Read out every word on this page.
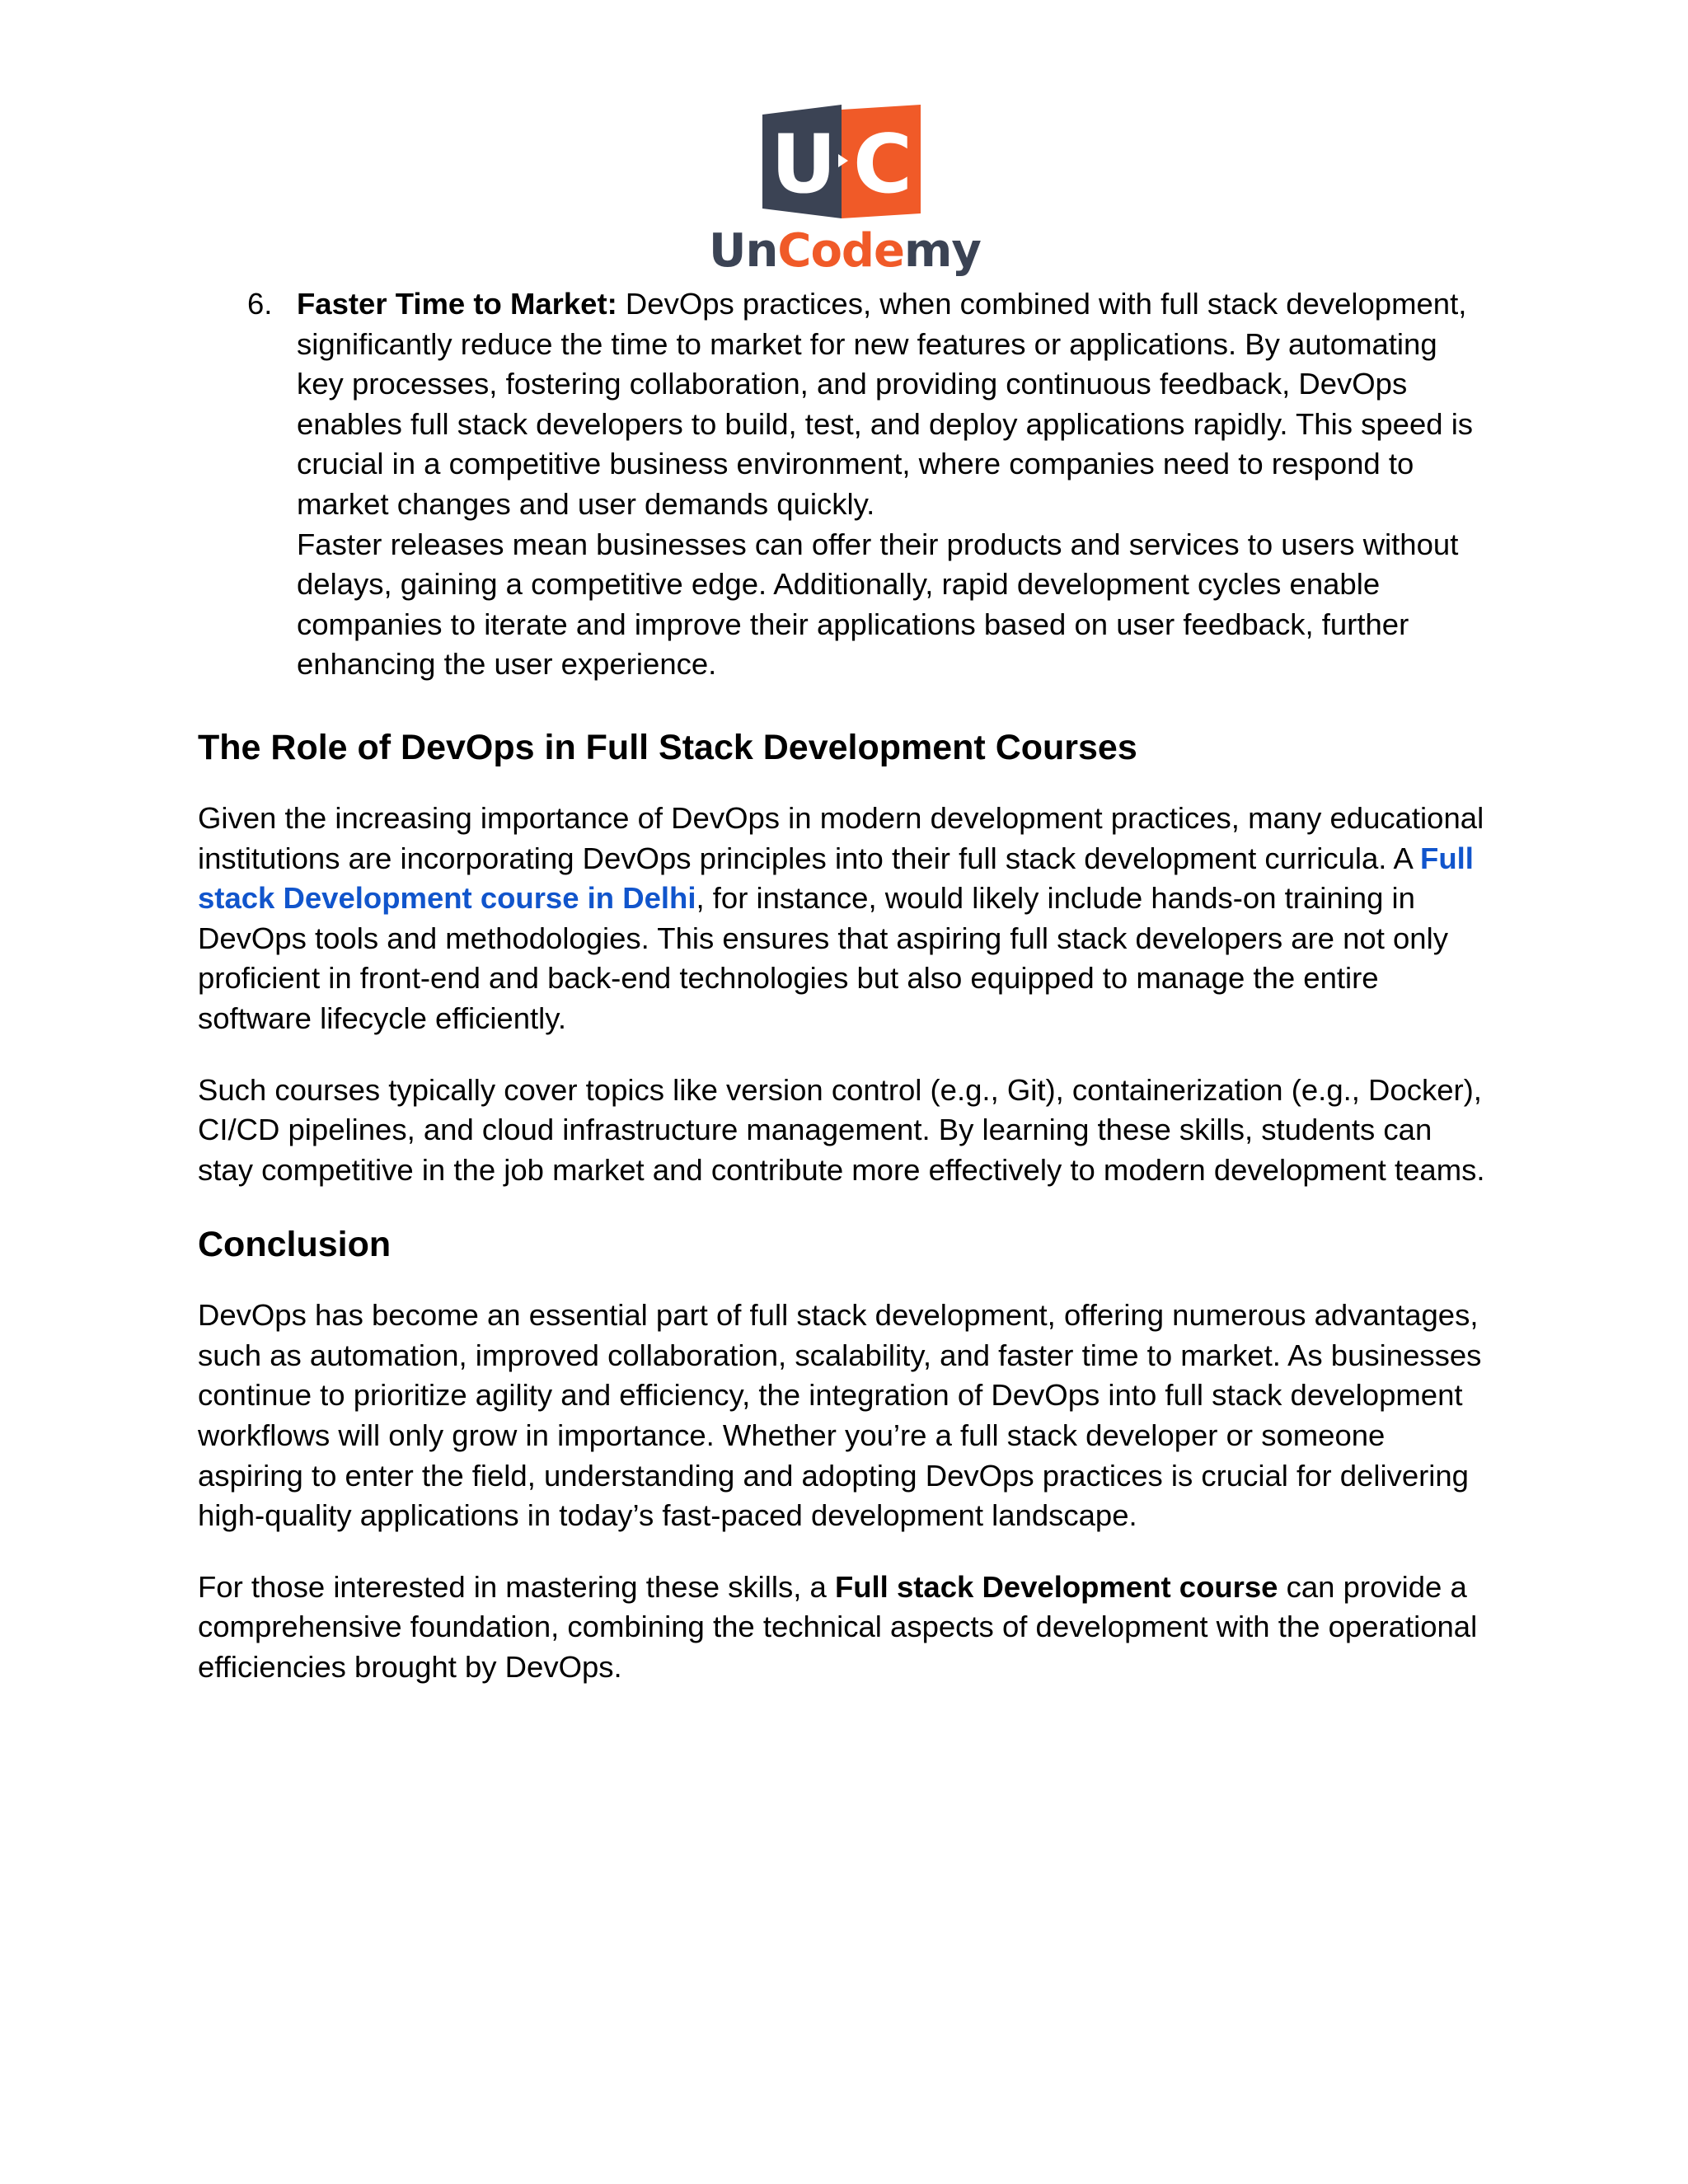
U C
UnCodemy
6. Faster Time to Market: DevOps practices, when combined with full stack development, significantly reduce the time to market for new features or applications. By automating key processes, fostering collaboration, and providing continuous feedback, DevOps enables full stack developers to build, test, and deploy applications rapidly. This speed is crucial in a competitive business environment, where companies need to respond to market changes and user demands quickly.

Faster releases mean businesses can offer their products and services to users without delays, gaining a competitive edge. Additionally, rapid development cycles enable companies to iterate and improve their applications based on user feedback, further enhancing the user experience.

The Role of DevOps in Full Stack Development Courses

Given the increasing importance of DevOps in modern development practices, many educational institutions are incorporating DevOps principles into their full stack development curricula. A Full stack Development course in Delhi, for instance, would likely include hands-on training in DevOps tools and methodologies. This ensures that aspiring full stack developers are not only proficient in front-end and back-end technologies but also equipped to manage the entire software lifecycle efficiently.

Such courses typically cover topics like version control (e.g., Git), containerization (e.g., Docker), CI/CD pipelines, and cloud infrastructure management. By learning these skills, students can stay competitive in the job market and contribute more effectively to modern development teams.

Conclusion

DevOps has become an essential part of full stack development, offering numerous advantages, such as automation, improved collaboration, scalability, and faster time to market. As businesses continue to prioritize agility and efficiency, the integration of DevOps into full stack development workflows will only grow in importance. Whether you’re a full stack developer or someone aspiring to enter the field, understanding and adopting DevOps practices is crucial for delivering high-quality applications in today’s fast-paced development landscape.

For those interested in mastering these skills, a Full stack Development course can provide a comprehensive foundation, combining the technical aspects of development with the operational efficiencies brought by DevOps.
